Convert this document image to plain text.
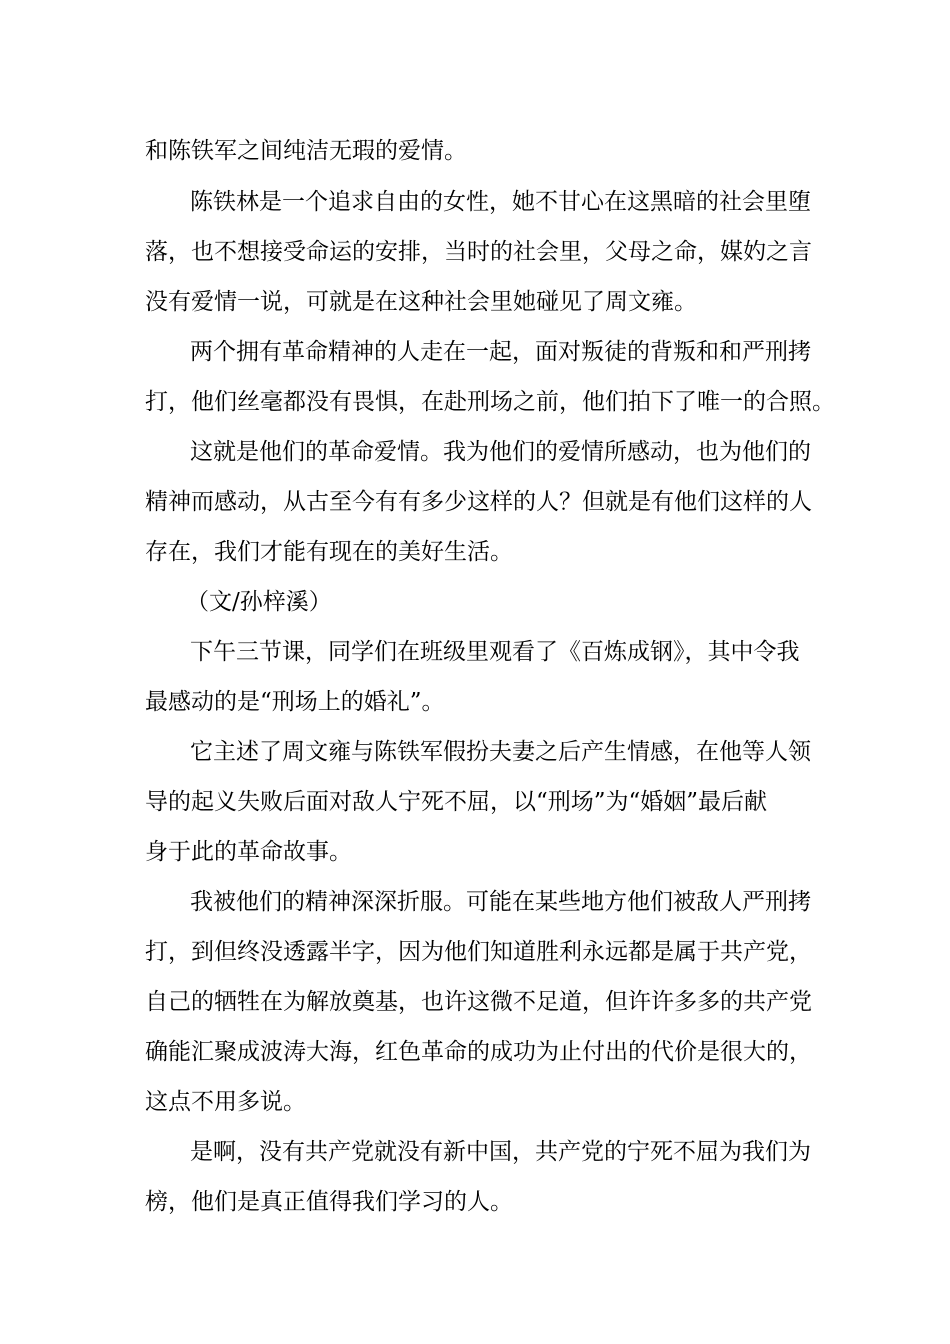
和陈铁军之间纯洁无瑕的爱情。
陈铁林是一个追求自由的女性，她不甘心在这黑暗的社会里堕
落，也不想接受命运的安排，当时的社会里，父母之命，媒妁之言
没有爱情一说，可就是在这种社会里她碰见了周文雍。
两个拥有革命精神的人走在一起，面对叛徒的背叛和和严刑拷
打，他们丝毫都没有畏惧，在赴刑场之前，他们拍下了唯一的合照。
这就是他们的革命爱情。我为他们的爱情所感动，也为他们的
精神而感动，从古至今有有多少这样的人？但就是有他们这样的人
存在，我们才能有现在的美好生活。
（文/孙梓溪）
下午三节课，同学们在班级里观看了《百炼成钢》，其中令我
最感动的是“刑场上的婚礼”。
它主述了周文雍与陈铁军假扮夫妻之后产生情感，在他等人领
导的起义失败后面对敌人宁死不屈，以“刑场”为“婚姻”最后献
身于此的革命故事。
我被他们的精神深深折服。可能在某些地方他们被敌人严刑拷
打，到但终没透露半字，因为他们知道胜利永远都是属于共产党，
自己的牺牲在为解放奠基，也许这微不足道，但许许多多的共产党
确能汇聚成波涛大海，红色革命的成功为止付出的代价是很大的，
这点不用多说。
是啊，没有共产党就没有新中国，共产党的宁死不屈为我们为
榜，他们是真正值得我们学习的人。
